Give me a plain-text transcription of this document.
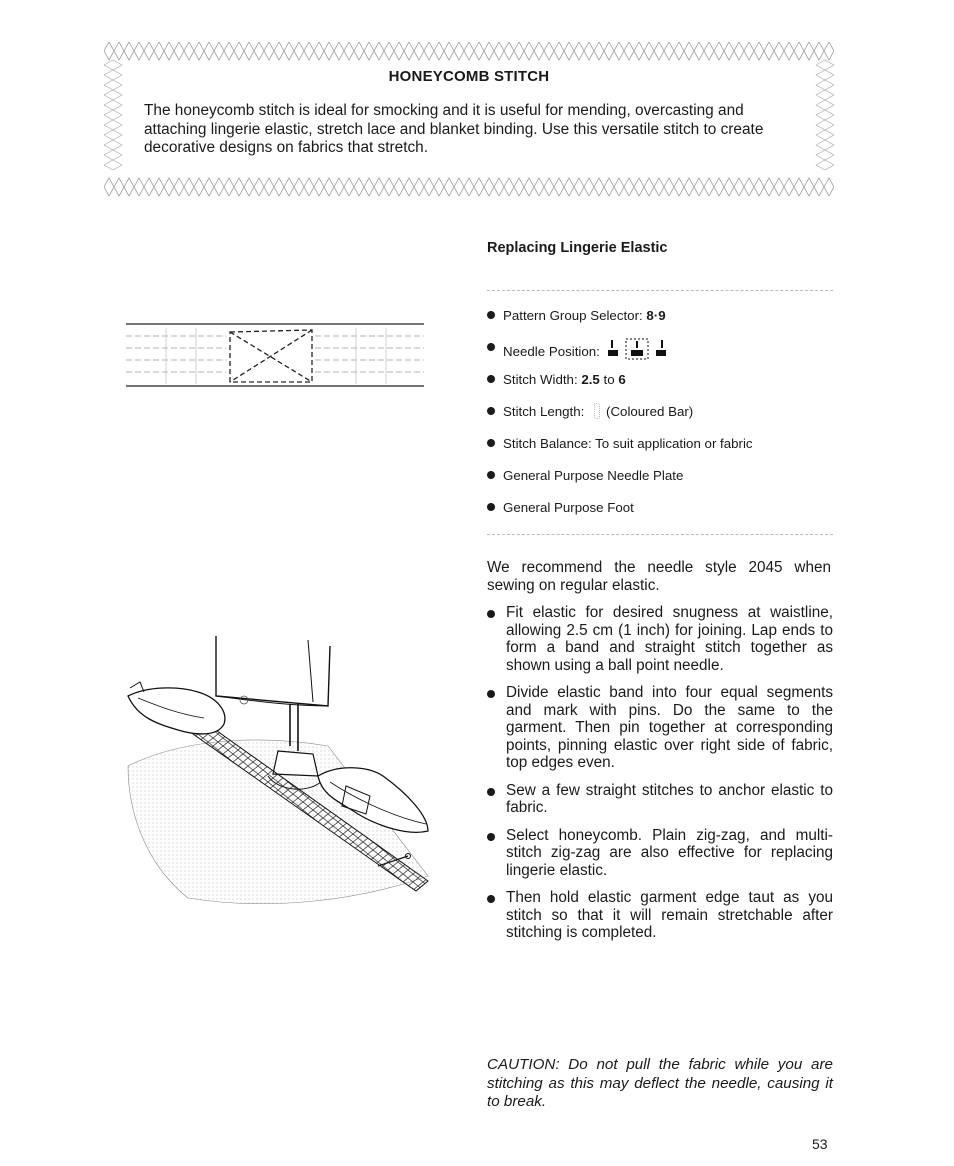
HONEYCOMB STITCH
The honeycomb stitch is ideal for smocking and it is useful for mending, overcasting and attaching lingerie elastic, stretch lace and blanket binding. Use this versatile stitch to create decorative designs on fabrics that stretch.
Replacing Lingerie Elastic
Pattern Group Selector: 8·9
Needle Position:
Stitch Width: 2.5 to 6
Stitch Length: (Coloured Bar)
Stitch Balance: To suit application or fabric
General Purpose Needle Plate
General Purpose Foot
We recommend the needle style 2045 when sewing on regular elastic.
Fit elastic for desired snugness at waistline, allowing 2.5 cm (1 inch) for joining. Lap ends to form a band and straight stitch together as shown using a ball point needle.
Divide elastic band into four equal segments and mark with pins. Do the same to the garment. Then pin together at corresponding points, pinning elastic over right side of fabric, top edges even.
Sew a few straight stitches to anchor elastic to fabric.
Select honeycomb. Plain zig-zag, and multi-stitch zig-zag are also effective for replacing lingerie elastic.
Then hold elastic garment edge taut as you stitch so that it will remain stretchable after stitching is completed.
CAUTION: Do not pull the fabric while you are stitching as this may deflect the needle, causing it to break.
53
